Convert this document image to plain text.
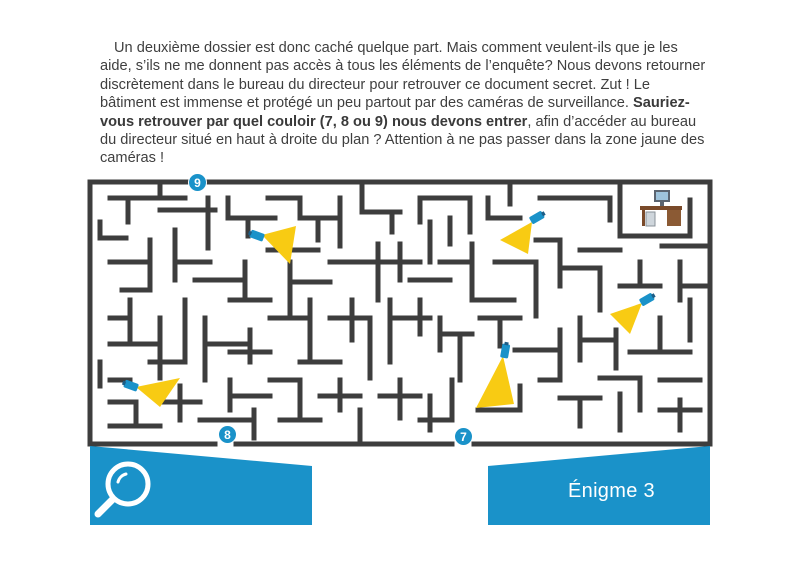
Un deuxième dossier est donc caché quelque part. Mais comment veulent-ils que je les aide, s’ils ne me donnent pas accès à tous les éléments de l’enquête? Nous devons retourner discrètement dans le bureau du directeur pour retrouver ce document secret. Zut ! Le bâtiment est immense et protégé un peu partout par des caméras de surveillance. Sauriez-vous retrouver par quel couloir (7, 8 ou 9) nous devons entrer, afin d’accéder au bureau du directeur situé en haut à droite du plan ? Attention à ne pas passer dans la zone jaune des caméras !
9
8	7
Énigme 3
